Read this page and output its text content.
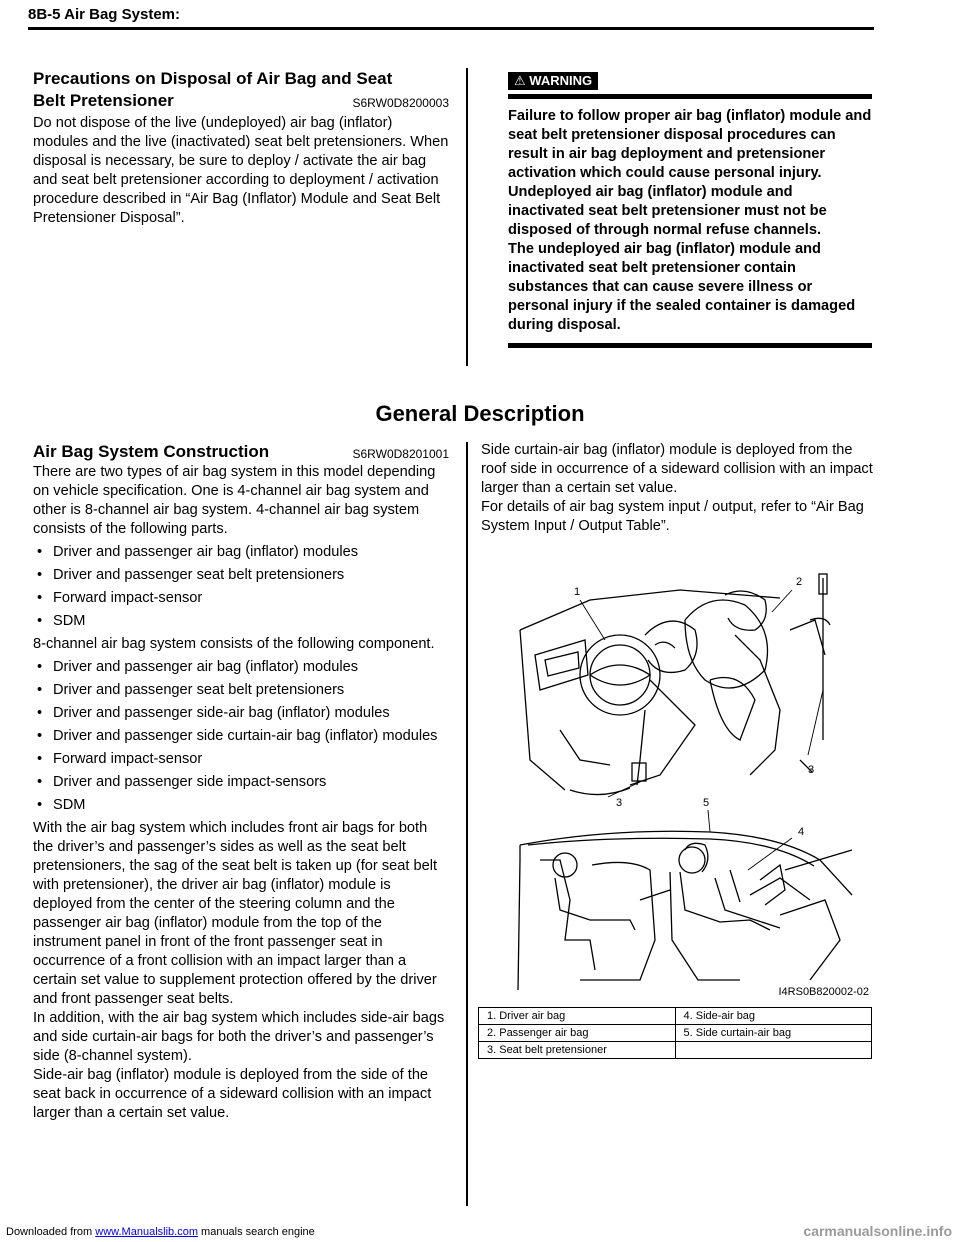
8B-5 Air Bag System:
Precautions on Disposal of Air Bag and Seat
Belt Pretensioner	S6RW0D8200003

Do not dispose of the live (undeployed) air bag (inflator) modules and the live (inactivated) seat belt pretensioners. When disposal is necessary, be sure to deploy / activate the air bag and seat belt pretensioner according to deployment / activation procedure described in “Air Bag (Inflator) Module and Seat Belt Pretensioner Disposal”.

⚠ WARNING

Failure to follow proper air bag (inflator) module and seat belt pretensioner disposal procedures can result in air bag deployment and pretensioner activation which could cause personal injury. Undeployed air bag (inflator) module and inactivated seat belt pretensioner must not be disposed of through normal refuse channels.

The undeployed air bag (inflator) module and inactivated seat belt pretensioner contain substances that can cause severe illness or personal injury if the sealed container is damaged during disposal.

General Description
Air Bag System Construction	S6RW0D8201001

There are two types of air bag system in this model depending on vehicle specification. One is 4-channel air bag system and other is 8-channel air bag system. 4-channel air bag system consists of the following parts.

• Driver and passenger air bag (inflator) modules
• Driver and passenger seat belt pretensioners
• Forward impact-sensor
• SDM

8-channel air bag system consists of the following component.

• Driver and passenger air bag (inflator) modules
• Driver and passenger seat belt pretensioners
• Driver and passenger side-air bag (inflator) modules
• Driver and passenger side curtain-air bag (inflator) modules
• Forward impact-sensor
• Driver and passenger side impact-sensors
• SDM

With the air bag system which includes front air bags for both the driver’s and passenger’s sides as well as the seat belt pretensioners, the sag of the seat belt is taken up (for seat belt with pretensioner), the driver air bag (inflator) module is deployed from the center of the steering column and the passenger air bag (inflator) module from the top of the instrument panel in front of the front passenger seat in occurrence of a front collision with an impact larger than a certain set value to supplement protection offered by the driver and front passenger seat belts.

In addition, with the air bag system which includes side-air bags and side curtain-air bags for both the driver’s and passenger’s side (8-channel system).

Side-air bag (inflator) module is deployed from the side of the seat back in occurrence of a sideward collision with an impact larger than a certain set value.

Side curtain-air bag (inflator) module is deployed from the roof side in occurrence of a sideward collision with an impact larger than a certain set value.

For details of air bag system input / output, refer to “Air Bag System Input / Output Table”.

1
2
3
3	5
4
I4RS0B820002-02
1. Driver air bag	4. Side-air bag
2. Passenger air bag	5. Side curtain-air bag
3. Seat belt pretensioner	
Downloaded from www.Manualslib.com manuals search engine	carmanualsonline.info
